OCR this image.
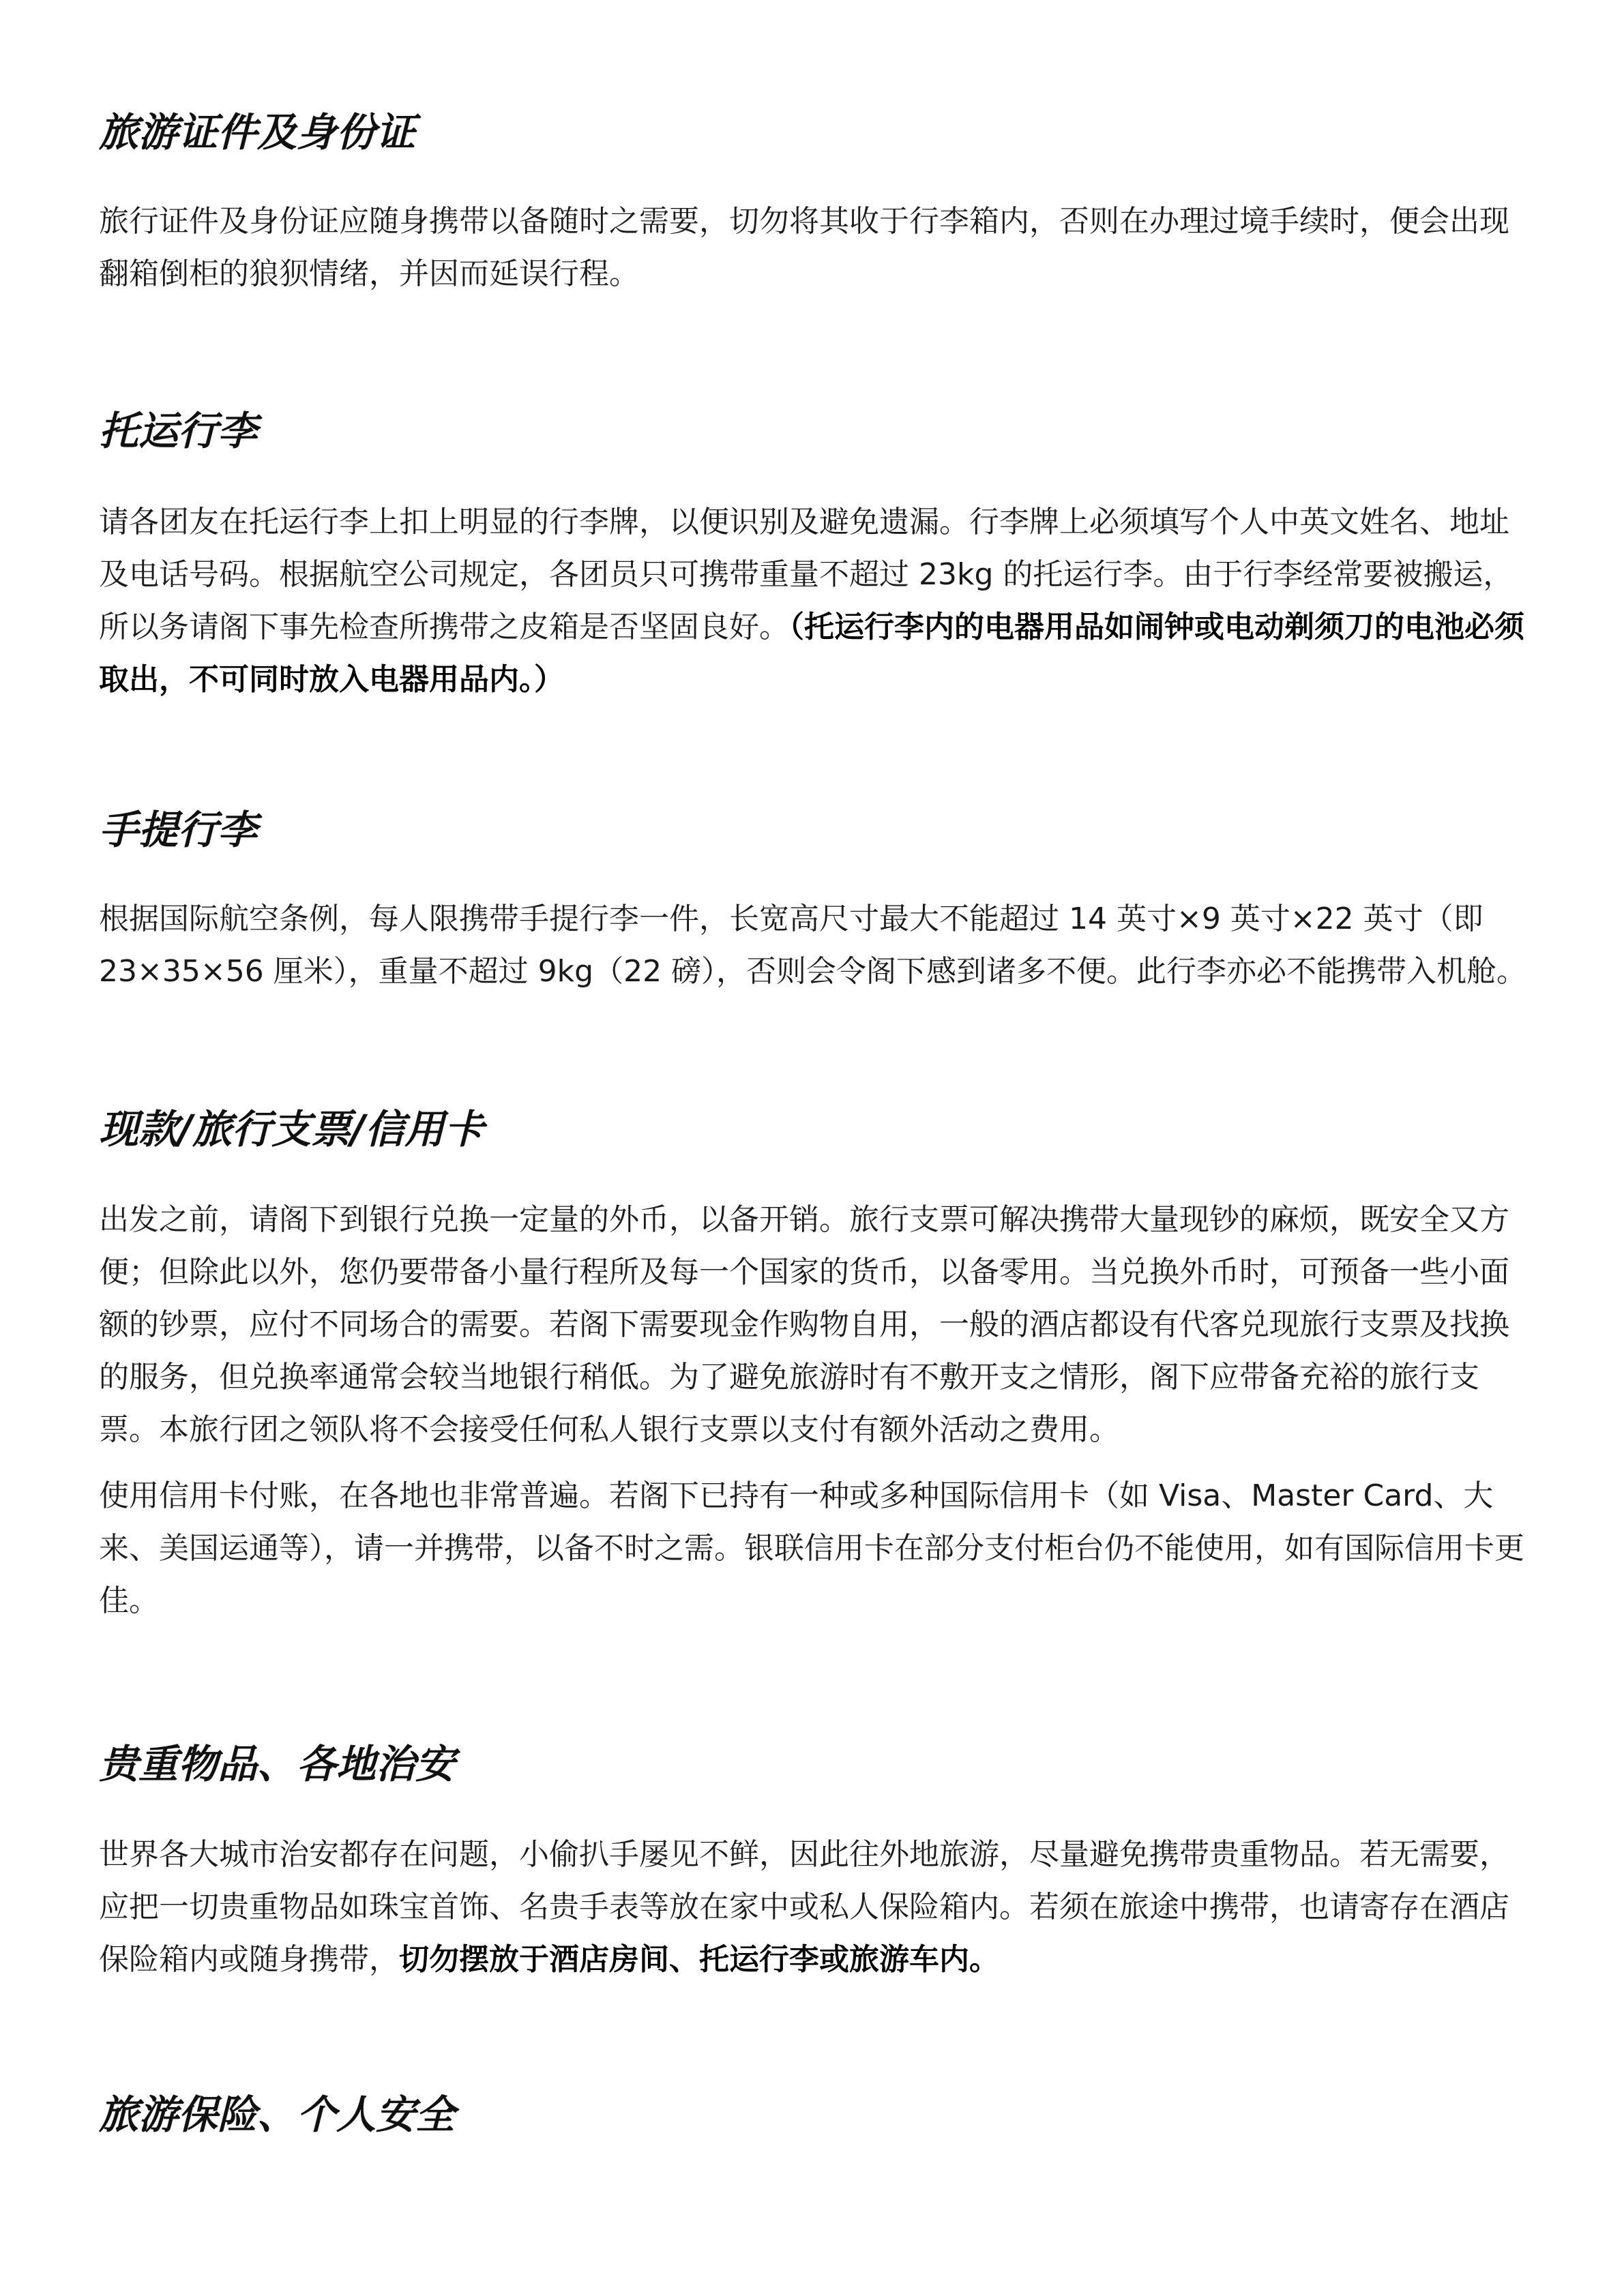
旅游证件及身份证

旅行证件及身份证应随身携带以备随时之需要，切勿将其收于行李箱内，否则在办理过境手续时，便会出现翻箱倒柜的狼狈情绪，并因而延误行程。

托运行李

请各团友在托运行李上扣上明显的行李牌，以便识别及避免遗漏。行李牌上必须填写个人中英文姓名、地址及电话号码。根据航空公司规定，各团员只可携带重量不超过 23kg 的托运行李。由于行李经常要被搬运，所以务请阁下事先检查所携带之皮箱是否坚固良好。（托运行李内的电器用品如闹钟或电动剃须刀的电池必须取出，不可同时放入电器用品内。）

手提行李

根据国际航空条例，每人限携带手提行李一件，长宽高尺寸最大不能超过 14 英寸×9 英寸×22 英寸（即 23×35×56 厘米），重量不超过 9kg（22 磅），否则会令阁下感到诸多不便。此行李亦必不能携带入机舱。

现款/旅行支票/信用卡

出发之前，请阁下到银行兑换一定量的外币，以备开销。旅行支票可解决携带大量现钞的麻烦，既安全又方便；但除此以外，您仍要带备小量行程所及每一个国家的货币，以备零用。当兑换外币时，可预备一些小面额的钞票，应付不同场合的需要。若阁下需要现金作购物自用，一般的酒店都设有代客兑现旅行支票及找换的服务，但兑换率通常会较当地银行稍低。为了避免旅游时有不敷开支之情形，阁下应带备充裕的旅行支票。本旅行团之领队将不会接受任何私人银行支票以支付有额外活动之费用。

使用信用卡付账，在各地也非常普遍。若阁下已持有一种或多种国际信用卡（如 Visa、Master Card、大来、美国运通等），请一并携带，以备不时之需。银联信用卡在部分支付柜台仍不能使用，如有国际信用卡更佳。

贵重物品、各地治安

世界各大城市治安都存在问题，小偷扒手屡见不鲜，因此往外地旅游，尽量避免携带贵重物品。若无需要，应把一切贵重物品如珠宝首饰、名贵手表等放在家中或私人保险箱内。若须在旅途中携带，也请寄存在酒店保险箱内或随身携带，切勿摆放于酒店房间、托运行李或旅游车内。

旅游保险、个人安全
